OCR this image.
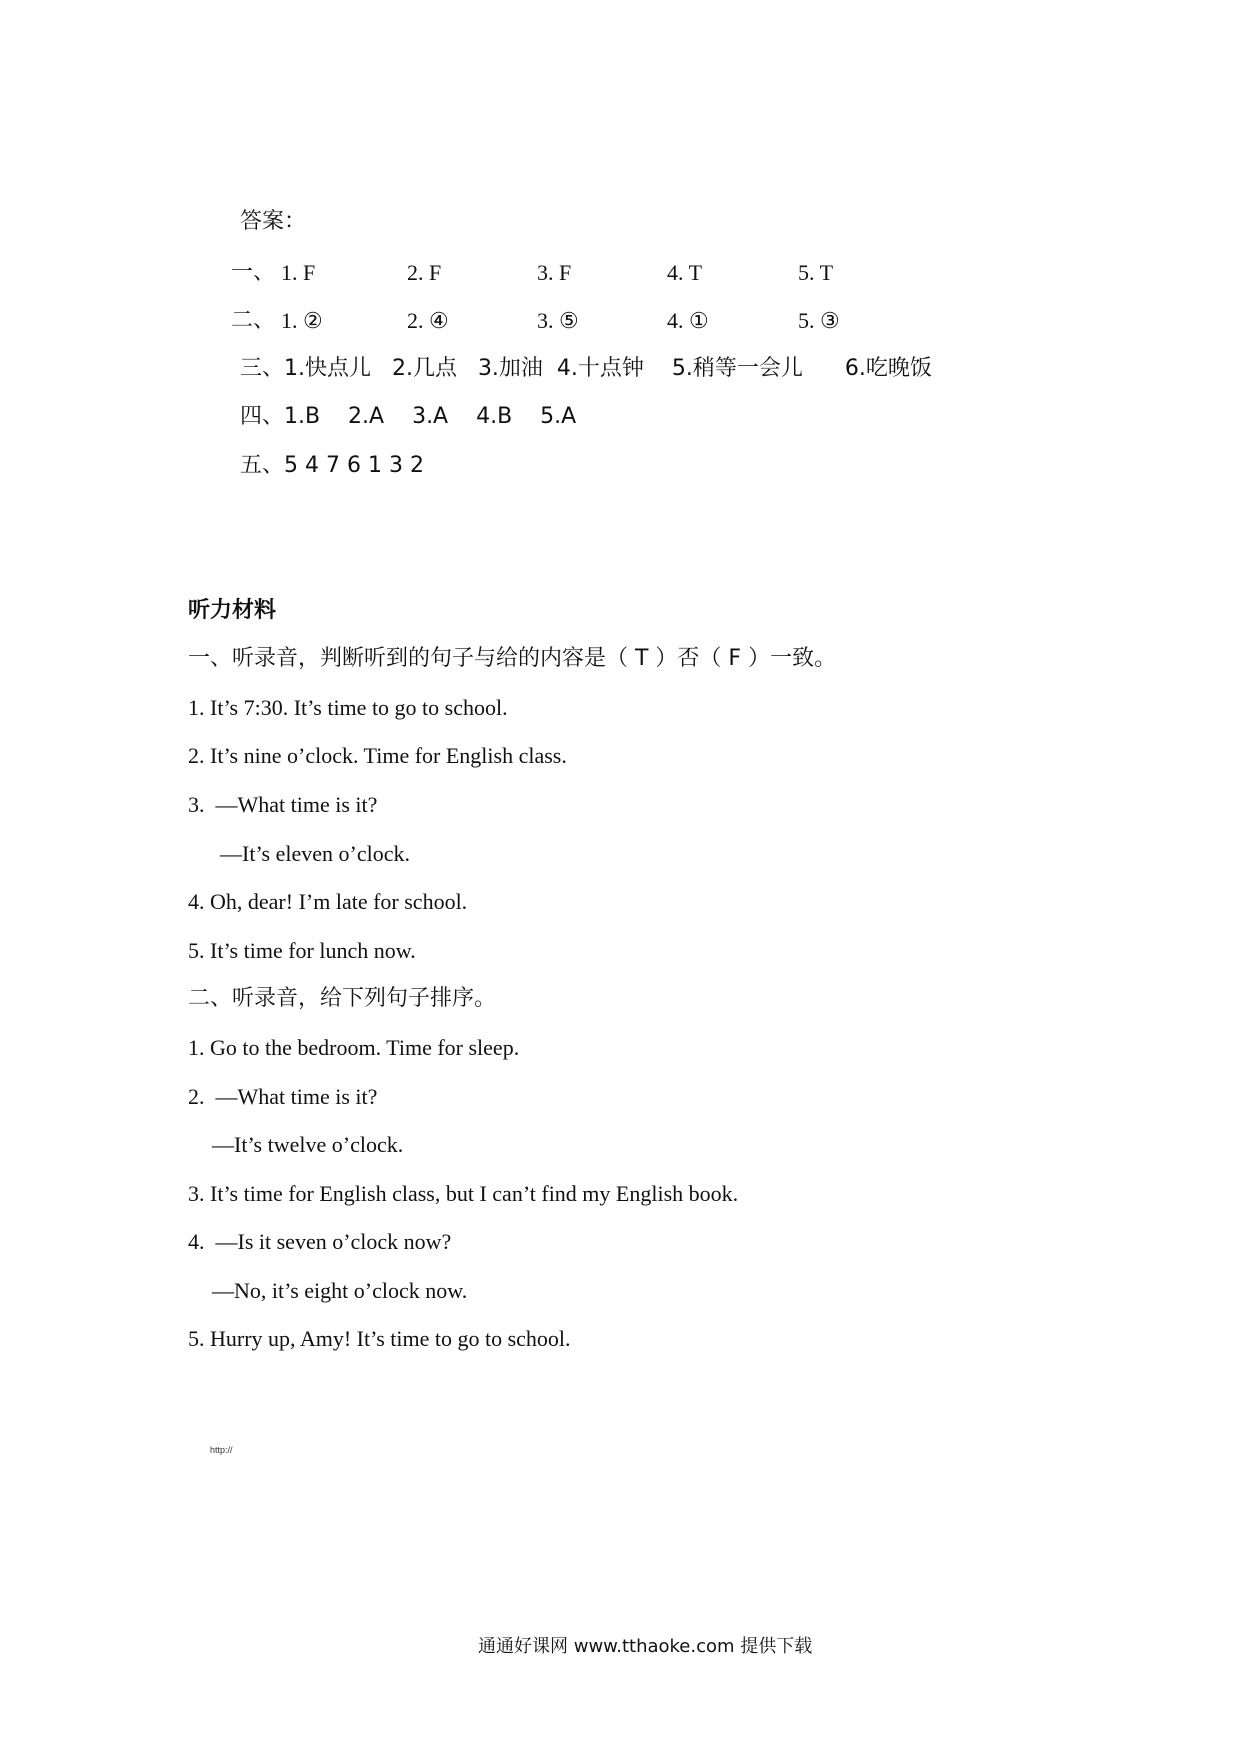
答案：
一、 1. F	2. F	3. F	4. T	5. T
二、 1. ②	2. ④	3. ⑤	4. ①	5. ③
三、1.快点儿   2.几点   3.加油  4.十点钟    5.稍等一会儿      6.吃晚饭
四、1.B    2.A    3.A    4.B    5.A
五、5 4 7 6 1 3 2
听力材料
一、听录音，判断听到的句子与给的内容是（ T ）否（ F ）一致。
1. It’s 7:30. It’s time to go to school.
2. It’s nine o’clock. Time for English class.
3.  —What time is it?
—It’s eleven o’clock.
4. Oh, dear! I’m late for school.
5. It’s time for lunch now.
二、听录音，给下列句子排序。
1. Go to the bedroom. Time for sleep.
2.  —What time is it?
—It’s twelve o’clock.
3. It’s time for English class, but I can’t find my English book.
4.  —Is it seven o’clock now?
—No, it’s eight o’clock now.
5. Hurry up, Amy! It’s time to go to school.
http://
通通好课网 www.tthaoke.com 提供下载
